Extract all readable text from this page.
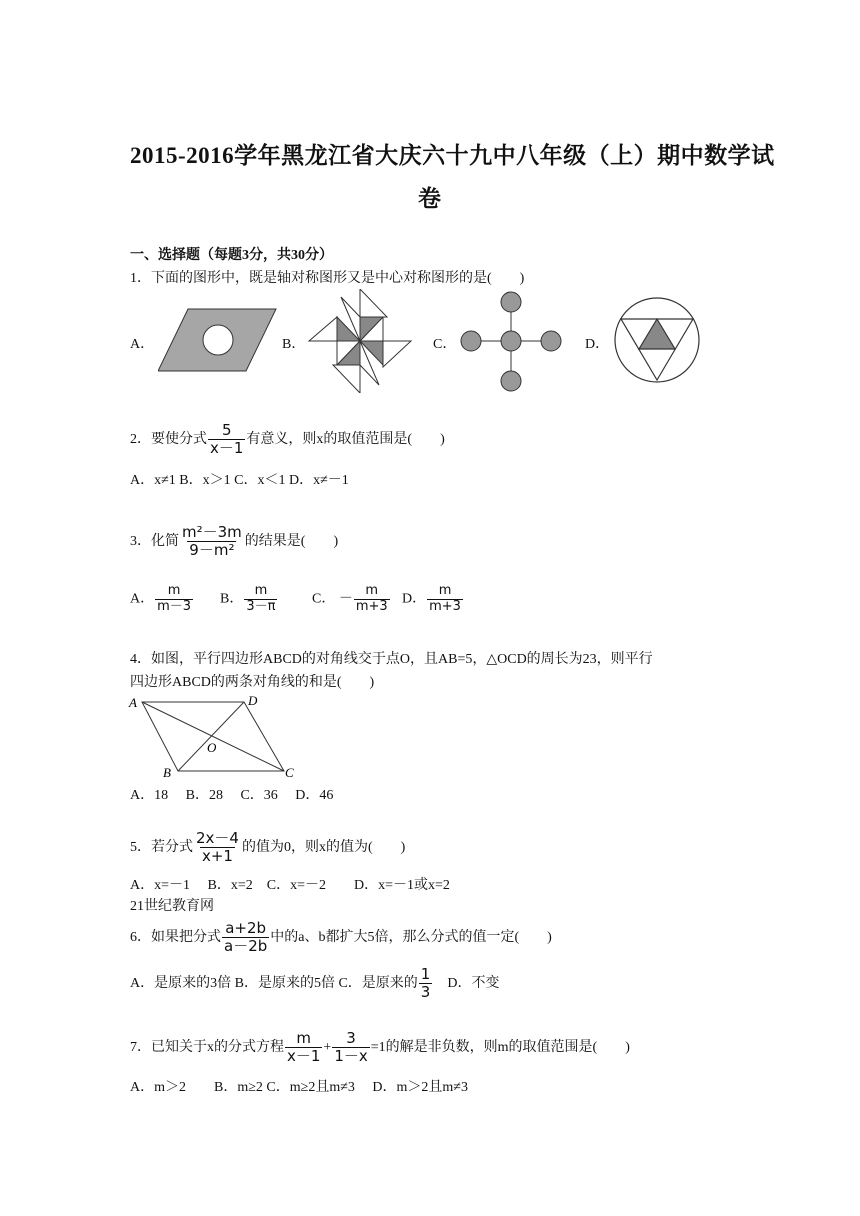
2015-2016学年黑龙江省大庆六十九中八年级（上）期中数学试
卷
一、选择题（每题3分，共30分）
1．下面的图形中，既是轴对称图形又是中心对称图形的是(　　)
A．	B．	C．	D．
2．要使分式 $\frac{5}{x-1}$ 有意义，则x的取值范围是(　　)
A．x≠1 B．x＞1 C．x＜1 D．x≠－1
3．化简 $\frac{\text{m²－3m}}{\text{9－m²}}$ 的结果是(　　)
A． $\frac{m}{m-3}$ B． $\frac{m}{3-\pi}$ C． － $\frac{m}{m+3}$ D． $\frac{m}{m+3}$
4．如图，平行四边形ABCD的对角线交于点O，且AB=5，△OCD的周长为23，则平行
四边形ABCD的两条对角线的和是(　　)
A	D
O
B	C
A．18　 B．28　 C．36　 D．46
5．若分式 $\frac{2x-4}{x+1}$ 的值为0，则x的值为(　　)
A．x=－1　 B．x=2　C．x=－2　　D．x=－1或x=2
21世纪教育网
6．如果把分式 $\frac{a+2b}{a-2b}$ 中的a、b都扩大5倍，那么分式的值一定(　　)
A．是原来的3倍 B．是原来的5倍 C．是原来的 $\frac{1}{3}$ 　D．不变
7．已知关于x的分式方程 $\frac{m}{x-1} + \frac{3}{1-x} =1$的解是非负数，则m的取值范围是(　　)
A．m＞2　　B．m≥2 C．m≥2且m≠3　 D．m＞2且m≠3
